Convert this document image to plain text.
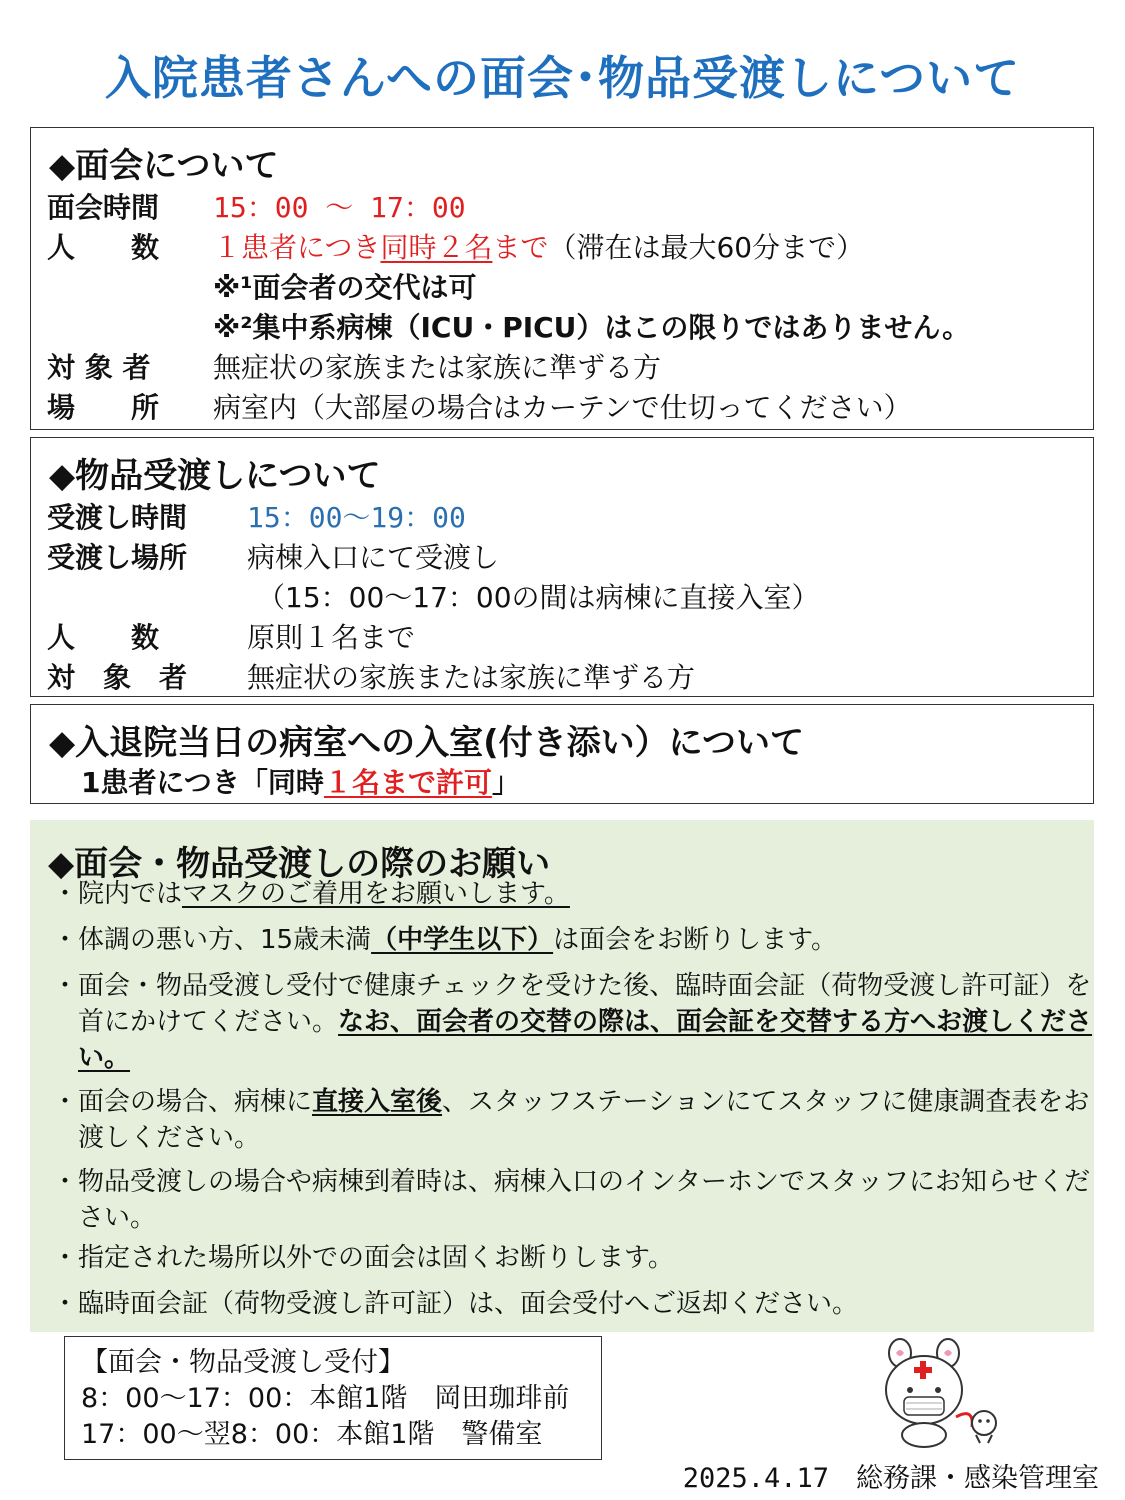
入院患者さんへの面会･物品受渡しについて
◆面会について
面会時間 15：00 ～ 17：00
人　　数 １患者につき同時２名まで（滞在は最大60分まで）
※¹面会者の交代は可
※²集中系病棟（ICU・PICU）はこの限りではありません。
対 象 者 無症状の家族または家族に準ずる方
場　　所 病室内（大部屋の場合はカーテンで仕切ってください）
◆物品受渡しについて
受渡し時間 15：00～19：00
受渡し場所 病棟入口にて受渡し
（15：00～17：00の間は病棟に直接入室）
人　　数	原則１名まで
対　象　者 無症状の家族または家族に準ずる方
◆入退院当日の病室への入室(付き添い）について
1患者につき「同時１名まで許可」
◆面会・物品受渡しの際のお願い
・ 院内ではマスクのご着用をお願いします。
・ 体調の悪い方、15歳未満（中学生以下）は面会をお断りします。
・ 面会・物品受渡し受付で健康チェックを受けた後、臨時面会証（荷物受渡し許可証）を首にかけてください。なお、面会者の交替の際は、面会証を交替する方へお渡しください。
・ 面会の場合、病棟に直接入室後、スタッフステーションにてスタッフに健康調査表をお渡しください。
・ 物品受渡しの場合や病棟到着時は、病棟入口のインターホンでスタッフにお知らせください。
・ 指定された場所以外での面会は固くお断りします。
・ 臨時面会証（荷物受渡し許可証）は、面会受付へご返却ください。
【面会・物品受渡し受付】
8：00～17：00：本館1階　岡田珈琲前
17：00～翌8：00：本館1階　警備室
2025.4.17　総務課・感染管理室
